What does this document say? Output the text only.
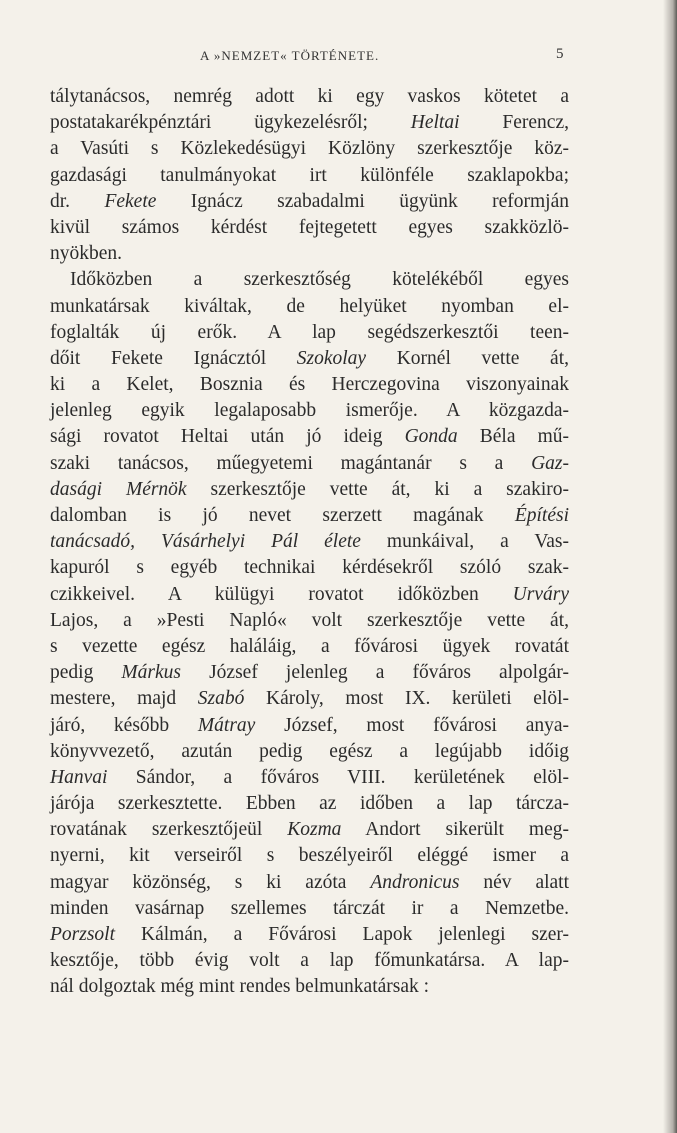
A »NEMZET« TÖRTÉNETE.	5
tálytanácsos, nemrég adott ki egy vaskos kötetet a
postatakarékpénztári ügykezelésről; Heltai Ferencz,
a Vasúti s Közlekedésügyi Közlöny szerkesztője köz-
gazdasági tanulmányokat irt különféle szaklapokba;
dr. Fekete Ignácz szabadalmi ügyünk reformján
kivül számos kérdést fejtegetett egyes szakközlö-
nyökben.
Időközben a szerkesztőség kötelékéből egyes
munkatársak kiváltak, de helyüket nyomban el-
foglalták új erők. A lap segédszerkesztői teen-
dőit Fekete Ignácztól Szokolay Kornél vette át,
ki a Kelet, Bosznia és Herczegovina viszonyainak
jelenleg egyik legalaposabb ismerője. A közgazda-
sági rovatot Heltai után jó ideig Gonda Béla mű-
szaki tanácsos, műegyetemi magántanár s a Gaz-
dasági Mérnök szerkesztője vette át, ki a szakiro-
dalomban is jó nevet szerzett magának Építési
tanácsadó, Vásárhelyi Pál élete munkáival, a Vas-
kapuról s egyéb technikai kérdésekről szóló szak-
czikkeivel. A külügyi rovatot időközben Urváry
Lajos, a »Pesti Napló« volt szerkesztője vette át,
s vezette egész haláláig, a fővárosi ügyek rovatát
pedig Márkus József jelenleg a főváros alpolgár-
mestere, majd Szabó Károly, most IX. kerületi elöl-
járó, később Mátray József, most fővárosi anya-
könyvvezető, azután pedig egész a legújabb időig
Hanvai Sándor, a főváros VIII. kerületének elöl-
járója szerkesztette. Ebben az időben a lap tárcza-
rovatának szerkesztőjeül Kozma Andort sikerült meg-
nyerni, kit verseiről s beszélyeiről eléggé ismer a
magyar közönség, s ki azóta Andronicus név alatt
minden vasárnap szellemes tárczát ir a Nemzetbe.
Porzsolt Kálmán, a Fővárosi Lapok jelenlegi szer-
kesztője, több évig volt a lap főmunkatársa. A lap-
nál dolgoztak még mint rendes belmunkatársak :
